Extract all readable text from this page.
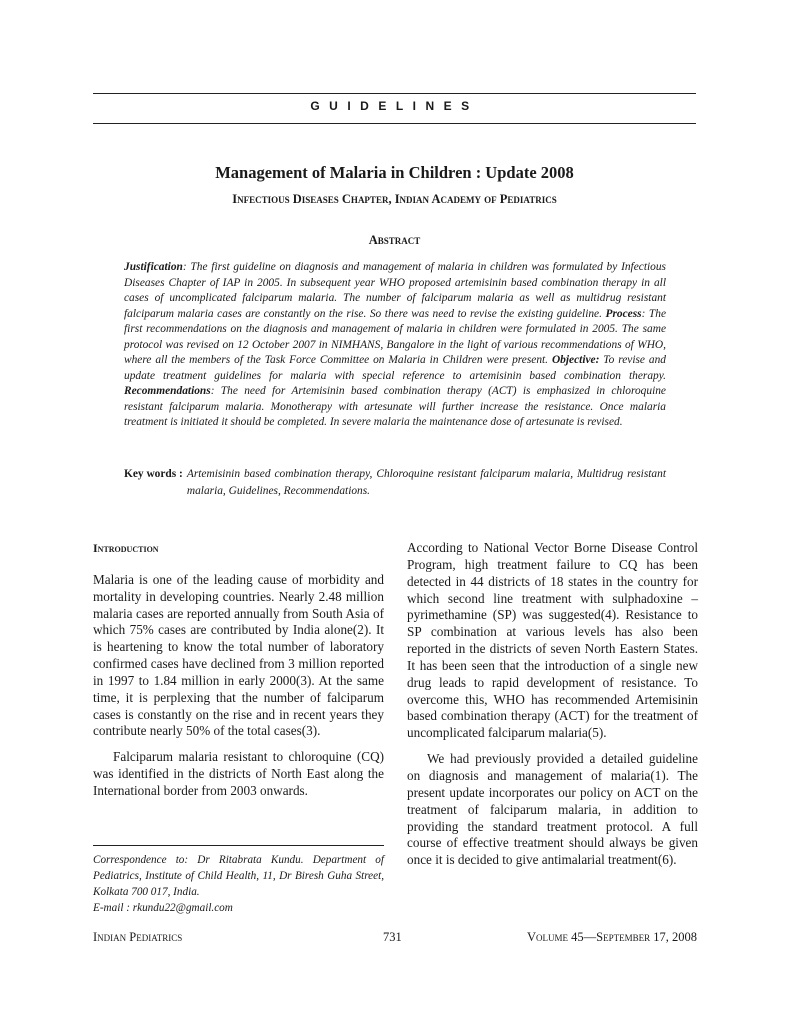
GUIDELINES
Management of Malaria in Children : Update 2008
Infectious Diseases Chapter, Indian Academy of Pediatrics
Abstract
Justification: The first guideline on diagnosis and management of malaria in children was formulated by Infectious Diseases Chapter of IAP in 2005. In subsequent year WHO proposed artemisinin based combination therapy in all cases of uncomplicated falciparum malaria. The number of falciparum malaria as well as multidrug resistant falciparum malaria cases are constantly on the rise. So there was need to revise the existing guideline. Process: The first recommendations on the diagnosis and management of malaria in children were formulated in 2005. The same protocol was revised on 12 October 2007 in NIMHANS, Bangalore in the light of various recommendations of WHO, where all the members of the Task Force Committee on Malaria in Children were present. Objective: To revise and update treatment guidelines for malaria with special reference to artemisinin based combination therapy. Recommendations: The need for Artemisinin based combination therapy (ACT) is emphasized in chloroquine resistant falciparum malaria. Monotherapy with artesunate will further increase the resistance. Once malaria treatment is initiated it should be completed. In severe malaria the maintenance dose of artesunate is revised.
Key words : Artemisinin based combination therapy, Chloroquine resistant falciparum malaria, Multidrug resistant malaria, Guidelines, Recommendations.

Introduction

Malaria is one of the leading cause of morbidity and mortality in developing countries. Nearly 2.48 million malaria cases are reported annually from South Asia of which 75% cases are contributed by India alone(2). It is heartening to know the total number of laboratory confirmed cases have declined from 3 million reported in 1997 to 1.84 million in early 2000(3). At the same time, it is perplexing that the number of falciparum cases is constantly on the rise and in recent years they contribute nearly 50% of the total cases(3).

Falciparum malaria resistant to chloroquine (CQ) was identified in the districts of North East along the International border from 2003 onwards.

Correspondence to: Dr Ritabrata Kundu. Department of Pediatrics, Institute of Child Health, 11, Dr Biresh Guha Street, Kolkata 700 017, India.
E-mail : rkundu22@gmail.com

According to National Vector Borne Disease Control Program, high treatment failure to CQ has been detected in 44 districts of 18 states in the country for which second line treatment with sulphadoxine – pyrimethamine (SP) was suggested(4). Resistance to SP combination at various levels has also been reported in the districts of seven North Eastern States. It has been seen that the introduction of a single new drug leads to rapid development of resistance. To overcome this, WHO has recommended Artemisinin based combination therapy (ACT) for the treatment of uncomplicated falciparum malaria(5).

We had previously provided a detailed guideline on diagnosis and management of malaria(1). The present update incorporates our policy on ACT on the treatment of falciparum malaria, in addition to providing the standard treatment protocol. A full course of effective treatment should always be given once it is decided to give antimalarial treatment(6).

Indian Pediatrics	731	Volume 45—September 17, 2008
